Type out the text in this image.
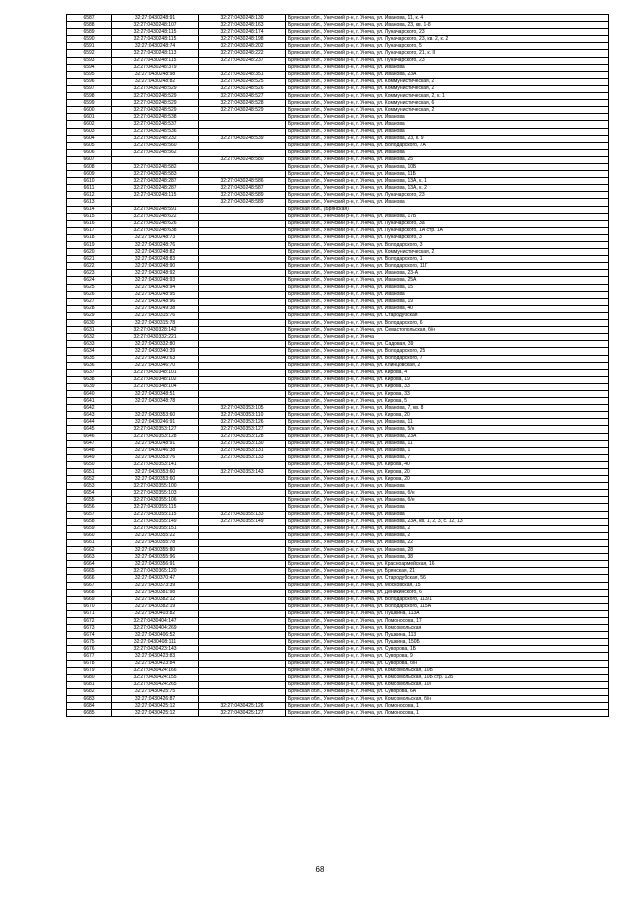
6587	32:27:0430248:91	32:27:0430248:130	Брянская обл., Унечский р-н, г. Унеча, ул. Иванова, 11, к. 4
6588	32:27:0430248:107	32:27:0430248:163	Брянская обл., Унечский р-н, г. Унеча, ул. Иванова, 23, кв. 1-8
6589	32:27:0430248:115	32:27:0430248:174	Брянская обл., Унечский р-н, г. Унеча, ул. Луначарского, 23
6590	32:27:0430248:115	32:27:0430248:198	Брянская обл., Унечский р-н, г. Унеча, ул. Луначарского, 23, кв. 2, к. 2
6591	32:27:0430248:74	32:27:0430248:202	Брянская обл., Унечский р-н, г. Унеча, ул. Луначарского, 5
6592	32:27:0430248:113	32:27:0430248:222	Брянская обл., Унечский р-н, г. Унеча, ул. Луначарского, 21, к. II
6593	32:27:0430248:115	32:27:0430248:237	Брянская обл., Унечский р-н, г. Унеча, ул. Луначарского, 23
6594	32:27:0430248:379		Брянская обл., Унечский р-н, г. Унеча, ул. Иванова
6595	32:27:0430248:98	32:27:0430248:351	Брянская обл., Унечский р-н, г. Унеча, ул. Иванова, 23А
6596	32:27:0430248:82	32:27:0430248:525	Брянская обл., Унечский р-н, г. Унеча, ул. Коммунистическая, 2
6597	32:27:0430248:529	32:27:0430248:526	Брянская обл., Унечский р-н, г. Унеча, ул. Коммунистическая, 2
6598	32:27:0430248:529	32:27:0430248:527	Брянская обл., Унечский р-н, г. Унеча, ул. Коммунистическая, 2, к. 1
6599	32:27:0430248:529	32:27:0430248:528	Брянская обл., Унечский р-н, г. Унеча, ул. Коммунистическая, 6
6600	32:27:0430248:529	32:27:0430248:529	Брянская обл., Унечский р-н, г. Унеча, ул. Коммунистическая, 2
6601	32:27:0430248:538		Брянская обл., Унечский р-н, г. Унеча, ул. Иванова
6602	32:27:0430248:537		Брянская обл., Унечский р-н, г. Унеча, ул. Иванова
6603	32:27:0430248:536		Брянская обл., Унечский р-н, г. Унеча, ул. Иванова
6604	32:27:0430248:232	32:27:0430248:539	Брянская обл., Унечский р-н, г. Унеча, ул. Иванова, 23, к. 9
6605	32:27:0430248:560		Брянская обл., Унечский р-н, г. Унеча, ул. Володарского, 7А
6606	32:27:0430248:562		Брянская обл., Унечский р-н, г. Унеча, ул. Иванова
6607		32:27:0430248:580	Брянская обл., Унечский р-н, г. Унеча, ул. Иванова, 25
6608	32:27:0430248:582		Брянская обл., Унечский р-н, г. Унеча, ул. Иванова, 10Б
6609	32:27:0430248:583		Брянская обл., Унечский р-н, г. Унеча, ул. Иванова, 11Б
6610	32:27:0430248:287	32:27:0430248:586	Брянская обл., Унечский р-н, г. Унеча, ул. Иванова, 13А, к. 1
6611	32:27:0430248:287	32:27:0430248:587	Брянская обл., Унечский р-н, г. Унеча, ул. Иванова, 13А, к. 2
6612	32:27:0430248:115	32:27:0430248:589	Брянская обл., Унечский р-н, г. Унеча, ул. Луначарского, 23
6613		32:27:0430248:589	Брянская обл., Унечский р-н, г. Унеча, ул. Иванова
6614	32:27:0430248:591		Брянская обл., (Брянская)
6615	32:27:0430248:622		Брянская обл., Унечский р-н, г. Унеча, ул. Иванова, 17Б
6616	32:27:0430248:626		Брянская обл., Унечский р-н, г. Унеча, ул. Луначарского, 3а
6617	32:27:0430248:638		Брянская обл., Унечский р-н, г. Унеча, ул. Луначарского, 1А стр. 1А
6618	32:27:0430248:73		Брянская обл., Унечский р-н, г. Унеча, ул. Луначарского, 3
6619	32:27:0430248:76		Брянская обл., Унечский р-н, г. Унеча, ул. Володарского, 3
6620	32:27:0430248:82		Брянская обл., Унечский р-н, г. Унеча, ул. Коммунистическая, 2
6621	32:27:0430248:83		Брянская обл., Унечский р-н, г. Унеча, ул. Володарского, 1
6622	32:27:0430248:90		Брянская обл., Унечский р-н, г. Унеча, ул. Володарского, 11Г
6623	32:27:0430248:92		Брянская обл., Унечский р-н, г. Унеча, ул. Иванова, 23-А
6624	32:27:0430248:93		Брянская обл., Унечский р-н, г. Унеча, ул. Иванова, 25А
6625	32:27:0430248:94		Брянская обл., Унечский р-н, г. Унеча, ул. Иванова, 15
6626	32:27:0430248:95		Брянская обл., Унечский р-н, г. Унеча, ул. Иванова
6627	32:27:0430248:96		Брянская обл., Унечский р-н, г. Унеча, ул. Иванова, 19
6628	32:27:0430249:38		Брянская обл., Унечский р-н, г. Унеча, ул. Иванова, 40
6629	32:27:0430315:76		Брянская обл., Унечский р-н, г. Унеча, ул. Стародубская
6630	32:27:0430315:78		Брянская обл., Унечский р-н, г. Унеча, ул. Володарского, 6
6631	32:27:0430328:142		Брянская обл., Унечский р-н, г. Унеча, ул. Севастопольская, б/н
6632	32:27:0430332:221		Брянская обл., Унечский р-н, г. Унеча
6633	32:27:0430332:80		Брянская обл., Унечский р-н, г. Унеча, ул. Садовая, 39
6634	32:27:0430340:39		Брянская обл., Унечский р-н, г. Унеча, ул. Володарского, 25
6635	32:27:0430340:63		Брянская обл., Унечский р-н, г. Унеча, ул. Володарского, 7
6636	32:27:0430346:70		Брянская обл., Унечский р-н, г. Унеча, ул. Клинцовская, 2
6637	32:27:0430348:101		Брянская обл., Унечский р-н, г. Унеча, ул. Кирова, 4
6638	32:27:0430348:102		Брянская обл., Унечский р-н, г. Унеча, ул. Кирова, 19
6639	32:27:0430348:104		Брянская обл., Унечский р-н, г. Унеча, ул. Кирова, 33
6640	32:27:0430348:51		Брянская обл., Унечский р-н, г. Унеча, ул. Кирова, 33
6641	32:27:0430348:78		Брянская обл., Унечский р-н, г. Унеча, ул. Кирова, 5
6642		32:27:0430353:105	Брянская обл., Унечский р-н, г. Унеча, ул. Иванова, 7, кв. 8
6643	32:27:0430353:60	32:27:0430353:110	Брянская обл., Унечский р-н, г. Унеча, ул. Кирова, 20
6644	32:27:0430246:91	32:27:0430353:126	Брянская обл., Унечский р-н, г. Унеча, ул. Иванова, 11
6645	32:27:0430353:127	32:27:0430353:127	Брянская обл., Унечский р-н, г. Унеча, ул. Иванова, 5/н
6646	32:27:0430353:128	32:27:0430353:128	Брянская обл., Унечский р-н, г. Унеча, ул. Иванова, 23А
6647	32:27:0430248:91	32:27:0430353:130	Брянская обл., Унечский р-н, г. Унеча, ул. Иванова, 11
6648	32:27:0430246:38	32:27:0430353:131	Брянская обл., Унечский р-н, г. Унеча, ул. Иванова, 1
6649	32:27:0430353:76	32:27:0430353:133	Брянская обл., Унечский р-н, г. Унеча, ул. Иванова, 7
6650	32:27:0430353:141		Брянская обл., Унечский р-н, г. Унеча, ул. Кирова, 40
6651	32:27:0430353:60	32:27:0430353:143	Брянская обл., Унечский р-н, г. Унеча, ул. Кирова, 20
6652	32:27:0430353:60		Брянская обл., Унечский р-н, г. Унеча, ул. Кирова, 20
6653	32:27:0430355:100		Брянская обл., Унечский р-н, г. Унеча, ул. Иванова
6654	32:27:0430355:103		Брянская обл., Унечский р-н, г. Унеча, ул. Иванова, б/н
6655	32:27:0430355:106		Брянская обл., Унечский р-н, г. Унеча, ул. Иванова, б/н
6656	32:27:0430355:115		Брянская обл., Унечский р-н, г. Унеча, ул. Иванова
6657	32:27:0430355:115	32:27:0430355:133	Брянская обл., Унечский р-н, г. Унеча, ул. Иванова
6658	32:27:0430355:149	32:27:0430355:149	Брянская обл., Унечский р-н, г. Унеча, ул. Иванова, 23А, кв. 1, 2, 3, с. 12, 13
6659	32:27:0430355:151		Брянская обл., Унечский р-н, г. Унеча, ул. Иванова, 2
6660	32:27:0430355:22		Брянская обл., Унечский р-н, г. Унеча, ул. Иванова, 2
6661	32:27:0430355:78		Брянская обл., Унечский р-н, г. Унеча, ул. Иванова, 22
6662	32:27:0430355:80		Брянская обл., Унечский р-н, г. Унеча, ул. Иванова, 28
6663	32:27:0430355:96		Брянская обл., Унечский р-н, г. Унеча, ул. Иванова, 38
6664	32:27:0430356:91		Брянская обл., Унечский р-н, г. Унеча, ул. Красноармейская, 16
6665	32:27:0430365:120		Брянская обл., Унечский р-н, г. Унеча, ул. Брянская, 21
6666	32:27:0430370:47		Брянская обл., Унечский р-н, г. Унеча, ул. Стародубская, 56
6667	32:27:0430373:39		Брянская обл., Унечский р-н, г. Унеча, ул. Московская, 15
6668	32:27:0430381:98		Брянская обл., Унечский р-н, г. Унеча, ул. Деникинского, 6
6669	32:27:0430382:12		Брянская обл., Унечский р-н, г. Унеча, ул. Володарского, 113/1
6670	32:27:0430382:19		Брянская обл., Унечский р-н, г. Унеча, ул. Володарского, 115А
6671	32:27:0430403:82		Брянская обл., Унечский р-н, г. Унеча, ул. Пушкина, 113А
6672	32:27:0430404:147		Брянская обл., Унечский р-н, г. Унеча, ул. Ломоносова, 17
6673	32:27:0430404:269		Брянская обл., Унечский р-н, г. Унеча, ул. Комсомольская
6674	32:27:0430406:52		Брянская обл., Унечский р-н, г. Унеча, ул. Пушкина, 113
6675	32:27:0430408:111		Брянская обл., Унечский р-н, г. Унеча, ул. Пушкина, 150Б
6676	32:27:0430423:143		Брянская обл., Унечский р-н, г. Унеча, ул. Суворова, 1Б
6677	32:27:0430423:83		Брянская обл., Унечский р-н, г. Унеча, ул. Суворова, 9
6678	32:27:0430423:84		Брянская обл., Унечский р-н, г. Унеча, ул. Суворова, б/н
6679	32:27:0430424:166		Брянская обл., Унечский р-н, г. Унеча, ул. Комсомольская, 10Б
6680	32:27:0430424:155		Брянская обл., Унечский р-н, г. Унеча, ул. Комсомольская, 10Б стр. 12Б
6681	32:27:0430424:265		Брянская обл., Унечский р-н, г. Унеча, ул. Комсомольская, 10Г
6682	32:27:0430425:75		Брянская обл., Унечский р-н, г. Унеча, ул. Суворова, 6А
6683	32:27:0430426:87		Брянская обл., Унечский р-н, г. Унеча, ул. Комсомольская, б/н
6684	32:27:0430425:12	32:27:0430425:126	Брянская обл., Унечский р-н, г. Унеча, ул. Ломоносова, 1
6685	32:27:0430425:12	32:27:0430425:127	Брянская обл., Унечский р-н, г. Унеча, ул. Ломоносова, 1
68
